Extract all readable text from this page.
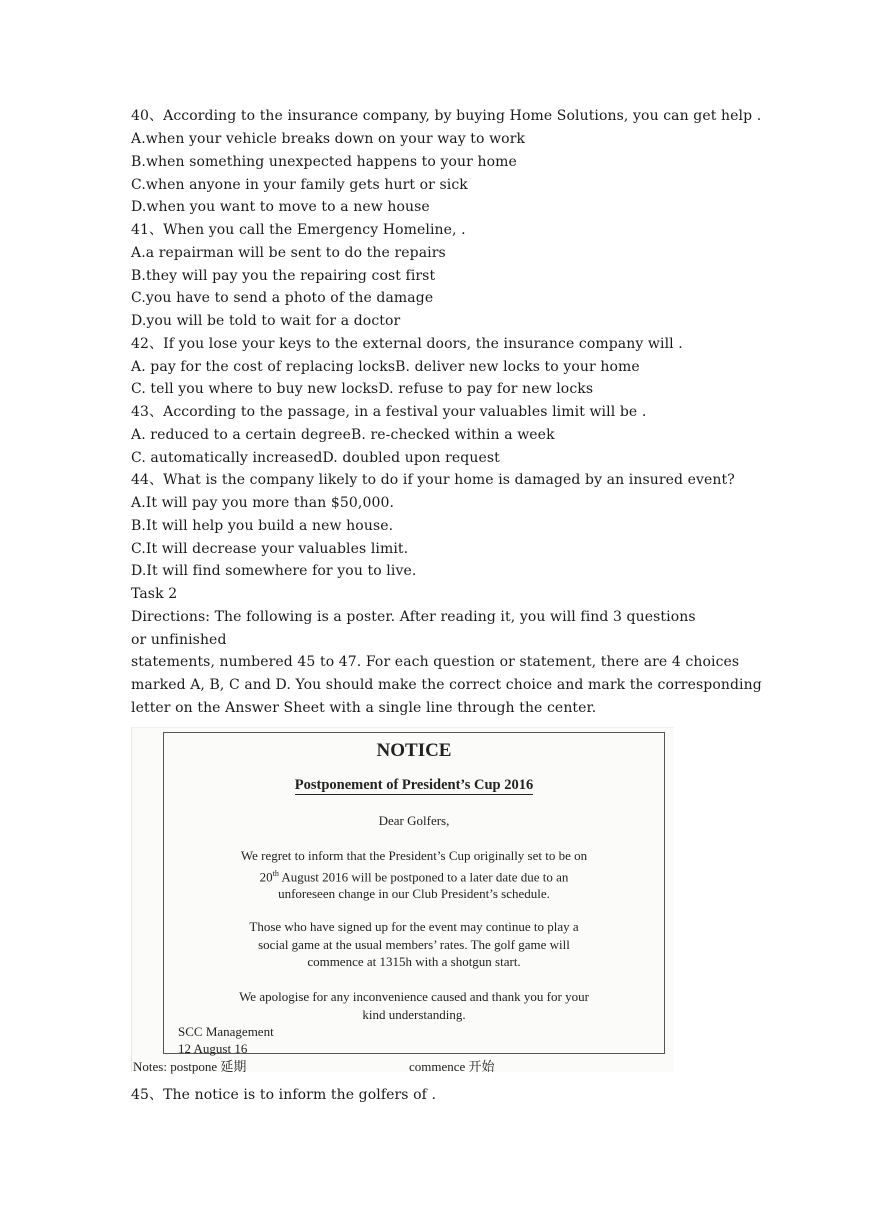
40、According to the insurance company, by buying Home Solutions, you can get help .
A.when your vehicle breaks down on your way to work
B.when something unexpected happens to your home
C.when anyone in your family gets hurt or sick
D.when you want to move to a new house
41、When you call the Emergency Homeline, .
A.a repairman will be sent to do the repairs
B.they will pay you the repairing cost first
C.you have to send a photo of the damage
D.you will be told to wait for a doctor
42、If you lose your keys to the external doors, the insurance company will .
A. pay for the cost of replacing locksB. deliver new locks to your home
C. tell you where to buy new locksD. refuse to pay for new locks
43、According to the passage, in a festival your valuables limit will be .
A. reduced to a certain degreeB. re-checked within a week
C. automatically increasedD. doubled upon request
44、What is the company likely to do if your home is damaged by an insured event?
A.It will pay you more than $50,000.
B.It will help you build a new house.
C.It will decrease your valuables limit.
D.It will find somewhere for you to live.
Task 2
Directions: The following is a poster. After reading it, you will find 3 questions
or unfinished
statements, numbered 45 to 47. For each question or statement, there are 4 choices
marked A, B, C and D. You should make the correct choice and mark the corresponding
letter on the Answer Sheet with a single line through the center.
NOTICE
Postponement of President’s Cup 2016
Dear Golfers,
We regret to inform that the President’s Cup originally set to be on
20th August 2016 will be postponed to a later date due to an
unforeseen change in our Club President’s schedule.
Those who have signed up for the event may continue to play a
social game at the usual members’ rates. The golf game will
commence at 1315h with a shotgun start.
We apologise for any inconvenience caused and thank you for your
kind understanding.
SCC Management
12 August 16
Notes: postpone 延期	commence 开始
45、The notice is to inform the golfers of .
